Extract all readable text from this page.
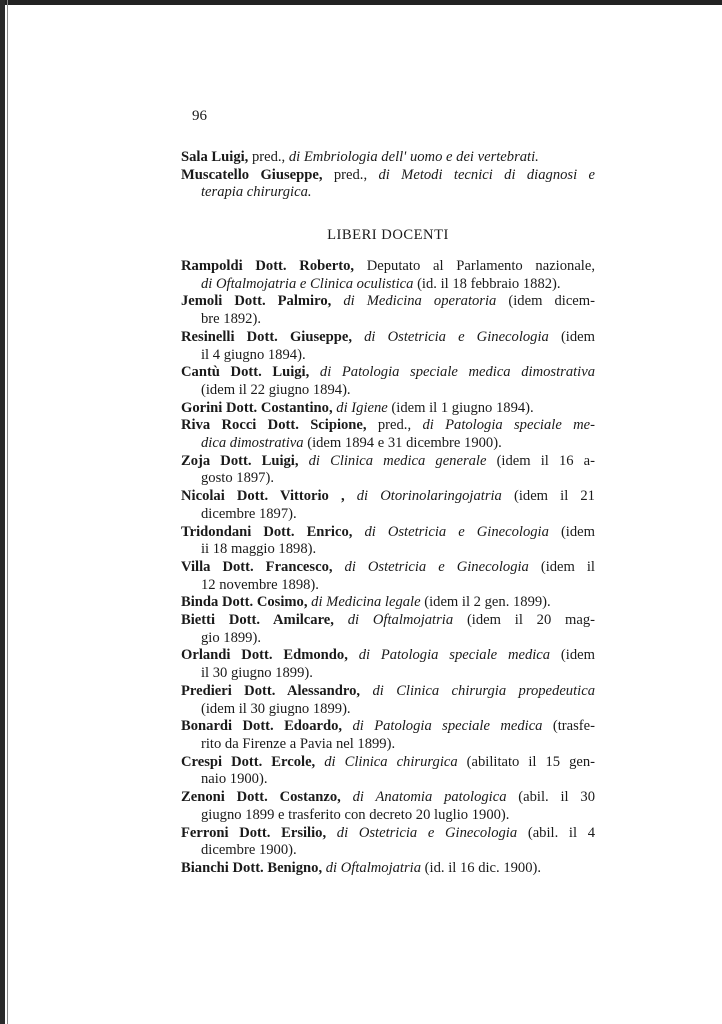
96
Sala Luigi, pred., di Embriologia dell' uomo e dei vertebrati.
Muscatello Giuseppe, pred., di Metodi tecnici di diagnosi e
terapia chirurgica.
LIBERI DOCENTI
Rampoldi Dott. Roberto, Deputato al Parlamento nazionale,
di Oftalmojatria e Clinica oculistica (id. il 18 febbraio 1882).
Jemoli Dott. Palmiro, di Medicina operatoria (idem dicem-
bre 1892).
Resinelli Dott. Giuseppe, di Ostetricia e Ginecologia (idem
il 4 giugno 1894).
Cantù Dott. Luigi, di Patologia speciale medica dimostrativa
(idem il 22 giugno 1894).
Gorini Dott. Costantino, di Igiene (idem il 1 giugno 1894).
Riva Rocci Dott. Scipione, pred., di Patologia speciale me-
dica dimostrativa (idem 1894 e 31 dicembre 1900).
Zoja Dott. Luigi, di Clinica medica generale (idem il 16 a-
gosto 1897).
Nicolai Dott. Vittorio , di Otorinolaringojatria (idem il 21
dicembre 1897).
Tridondani Dott. Enrico, di Ostetricia e Ginecologia (idem
ii 18 maggio 1898).
Villa Dott. Francesco, di Ostetricia e Ginecologia (idem il
12 novembre 1898).
Binda Dott. Cosimo, di Medicina legale (idem il 2 gen. 1899).
Bietti Dott. Amilcare, di Oftalmojatria (idem il 20 mag-
gio 1899).
Orlandi Dott. Edmondo, di Patologia speciale medica (idem
il 30 giugno 1899).
Predieri Dott. Alessandro, di Clinica chirurgia propedeutica
(idem il 30 giugno 1899).
Bonardi Dott. Edoardo, di Patologia speciale medica (trasfe-
rito da Firenze a Pavia nel 1899).
Crespi Dott. Ercole, di Clinica chirurgica (abilitato il 15 gen-
naio 1900).
Zenoni Dott. Costanzo, di Anatomia patologica (abil. il 30
giugno 1899 e trasferito con decreto 20 luglio 1900).
Ferroni Dott. Ersilio, di Ostetricia e Ginecologia (abil. il 4
dicembre 1900).
Bianchi Dott. Benigno, di Oftalmojatria (id. il 16 dic. 1900).
